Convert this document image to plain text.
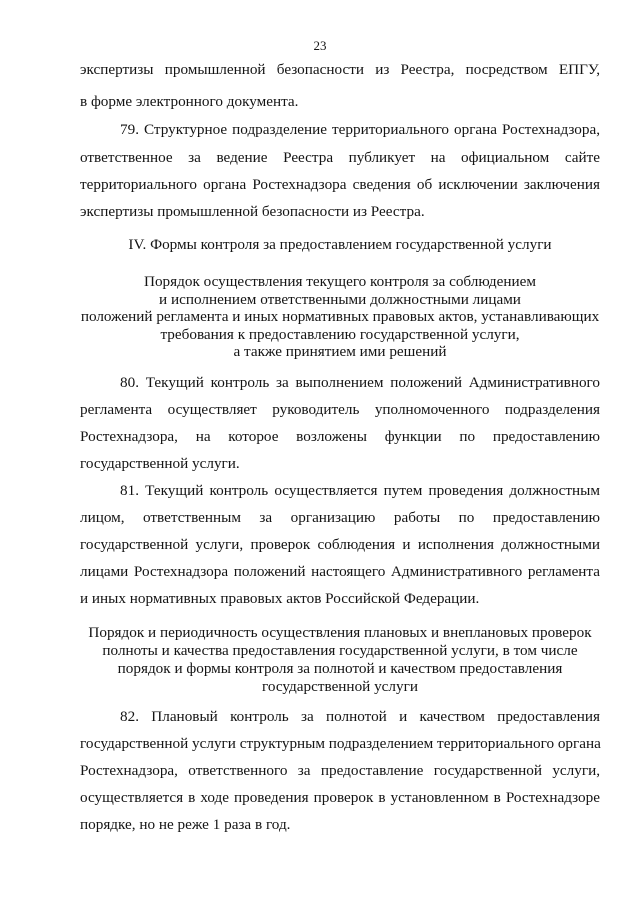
23
экспертизы промышленной безопасности из Реестра, посредством ЕПГУ,
в форме электронного документа.
79. Структурное подразделение территориального органа Ростехнадзора,
ответственное за ведение Реестра публикует на официальном сайте
территориального органа Ростехнадзора сведения об исключении заключения
экспертизы промышленной безопасности из Реестра.
IV. Формы контроля за предоставлением государственной услуги
Порядок осуществления текущего контроля за соблюдением
и исполнением ответственными должностными лицами
положений регламента и иных нормативных правовых актов, устанавливающих
требования к предоставлению государственной услуги,
а также принятием ими решений
80. Текущий контроль за выполнением положений Административного
регламента осуществляет руководитель уполномоченного подразделения
Ростехнадзора, на которое возложены функции по предоставлению
государственной услуги.
81. Текущий контроль осуществляется путем проведения должностным
лицом, ответственным за организацию работы по предоставлению
государственной услуги, проверок соблюдения и исполнения должностными
лицами Ростехнадзора положений настоящего Административного регламента
и иных нормативных правовых актов Российской Федерации.
Порядок и периодичность осуществления плановых и внеплановых проверок
полноты и качества предоставления государственной услуги, в том числе
порядок и формы контроля за полнотой и качеством предоставления
государственной услуги
82. Плановый контроль за полнотой и качеством предоставления
государственной услуги структурным подразделением территориального органа
Ростехнадзора, ответственного за предоставление государственной услуги,
осуществляется в ходе проведения проверок в установленном в Ростехнадзоре
порядке, но не реже 1 раза в год.
